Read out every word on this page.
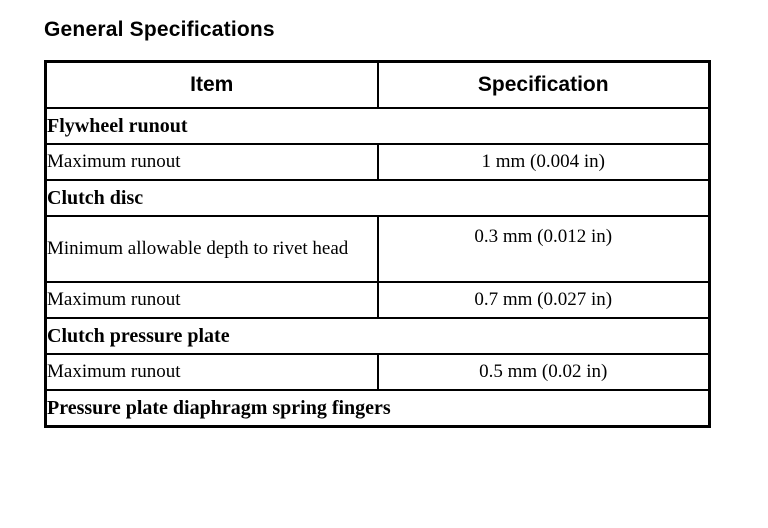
General Specifications
Item	Specification
Flywheel runout	
Maximum runout	1 mm (0.004 in)
Clutch disc	
Minimum allowable depth to rivet head	0.3 mm (0.012 in)
Maximum runout	0.7 mm (0.027 in)
Clutch pressure plate	
Maximum runout	0.5 mm (0.02 in)
Pressure plate diaphragm spring fingers	
